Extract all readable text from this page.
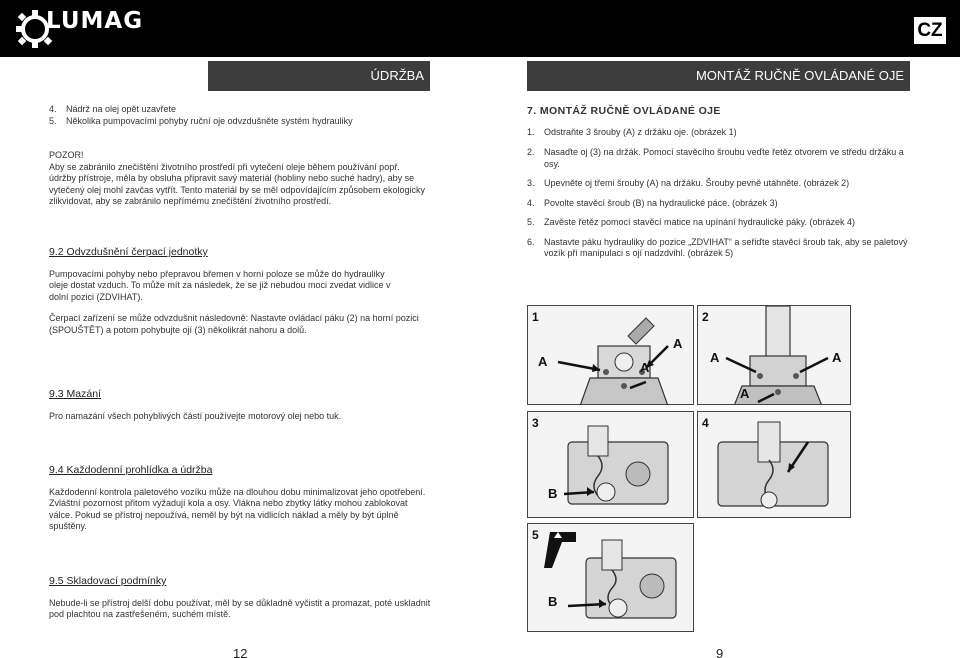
LUMAG	CZ
ÚDRŽBA	MONTÁŽ RUČNĚ OVLÁDANÉ OJE
4.	Nádrž na olej opět uzavřete
5.	Několika pumpovacími pohyby ruční oje odvzdušněte systém hydrauliky
POZOR!
Aby se zabránilo znečištění životního prostředí při vytečení oleje během používání popř. údržby přístroje, měla by obsluha připravit savý materiál (hobliny nebo suché hadry), aby se vytečený olej mohl zavčas vytřít. Tento materiál by se měl odpovídajícím způsobem ekologicky zlikvidovat, aby se zabránilo nepřímému znečištění životního prostředí.
9.2 Odvzdušnění čerpací jednotky
Pumpovacími pohyby nebo přepravou břemen v horní poloze se může do hydrauliky oleje dostat vzduch. To může mít za následek, že se již nebudou moci zvedat vidlice v dolní pozici (ZDVIHAT).
Čerpací zařízení se může odvzdušnit následovně: Nastavte ovládací páku (2) na horní pozici (SPOUŠTĚT) a potom pohybujte ojí (3) několikrát nahoru a dolů.
9.3 Mazání
Pro namazání všech pohyblivých částí používejte motorový olej nebo tuk.
9.4 Každodenní prohlídka a údržba
Každodenní kontrola paletového vozíku může na dlouhou dobu minimalizovat jeho opotřebení. Zvláštní pozornost přitom vyžadují kola a osy. Vlákna nebo zbytky látky mohou zablokovat válce. Pokud se přístroj nepoužívá, neměl by být na vidlicích náklad a měly by být úplně spuštěny.
9.5 Skladovací podmínky
Nebude-li se přístroj delší dobu používat, měl by se důkladně vyčistit a promazat, poté uskladnit pod plachtou na zastřešeném, suchém místě.
12
7. MONTÁŽ RUČNĚ OVLÁDANÉ OJE
1.	Odstraňte 3 šrouby (A) z držáku oje. (obrázek 1)
2.	Nasaďte oj (3) na držák. Pomocí stavěcího šroubu veďte řetěz otvorem ve středu držáku a osy.
3.	Upevněte oj třemi šrouby (A) na držáku. Šrouby pevně utáhněte. (obrázek 2)
4.	Povolte stavěcí šroub (B) na hydraulické páce. (obrázek 3)
5.	Zavěste řetěz pomocí stavěcí matice na upínání hydraulické páky. (obrázek 4)
6.	Nastavte páku hydrauliky do pozice „ZDVIHAT“ a seřiďte stavěcí šroub tak, aby se paletový vozík při manipulaci s ojí nadzdvihl. (obrázek 5)
1
A
A
A
2
A	A
A
3
B
4
5
B
9
